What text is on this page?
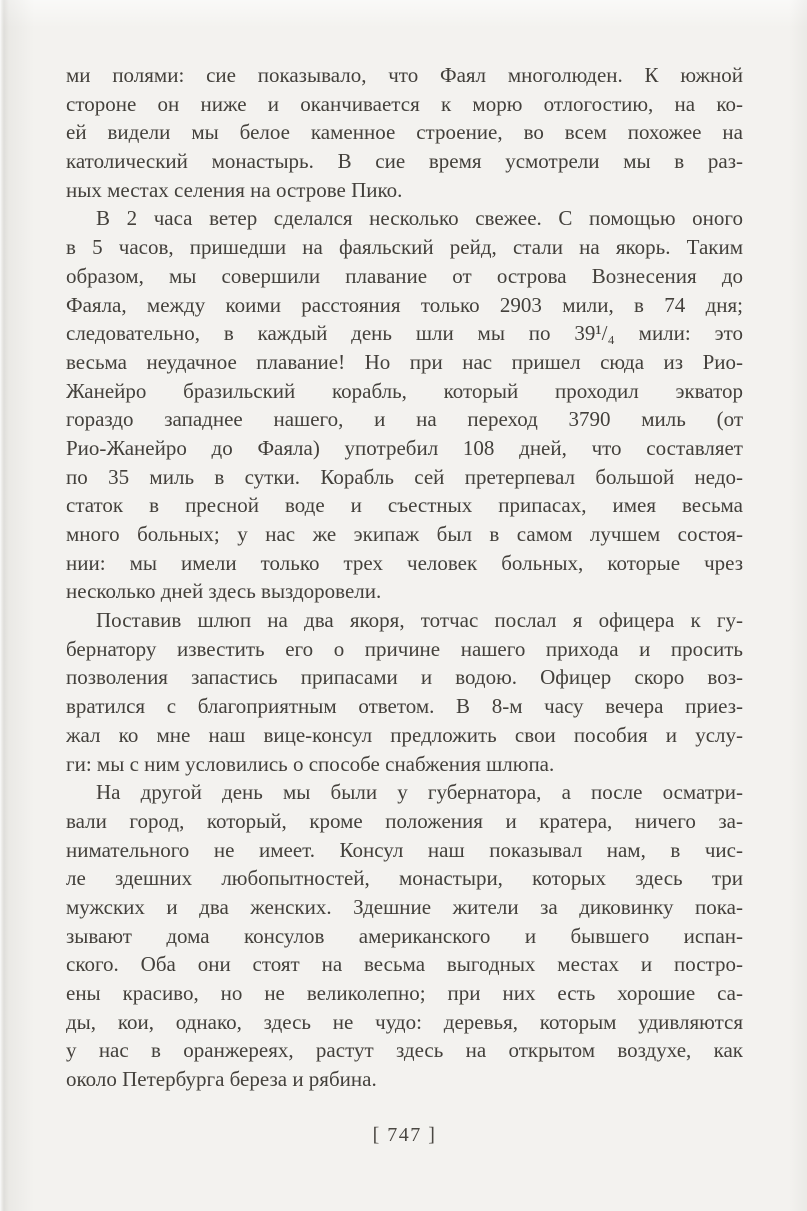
ми полями: сие показывало, что Фаял многолюден. К южной
стороне он ниже и оканчивается к морю отлогостию, на ко-
ей видели мы белое каменное строение, во всем похожее на
католический монастырь. В сие время усмотрели мы в раз-
ных местах селения на острове Пико.
В 2 часа ветер сделался несколько свежее. С помощью оного
в 5 часов, пришедши на фаяльский рейд, стали на якорь. Таким
образом, мы совершили плавание от острова Вознесения до
Фаяла, между коими расстояния только 2903 мили, в 74 дня;
следовательно, в каждый день шли мы по 39¹/₄ мили: это
весьма неудачное плавание! Но при нас пришел сюда из Рио-
Жанейро бразильский корабль, который проходил экватор
гораздо западнее нашего, и на переход 3790 миль (от
Рио-Жанейро до Фаяла) употребил 108 дней, что составляет
по 35 миль в сутки. Корабль сей претерпевал большой недо-
статок в пресной воде и съестных припасах, имея весьма
много больных; у нас же экипаж был в самом лучшем состоя-
нии: мы имели только трех человек больных, которые чрез
несколько дней здесь выздоровели.
Поставив шлюп на два якоря, тотчас послал я офицера к гу-
бернатору известить его о причине нашего прихода и просить
позволения запастись припасами и водою. Офицер скоро воз-
вратился с благоприятным ответом. В 8-м часу вечера приез-
жал ко мне наш вице-консул предложить свои пособия и услу-
ги: мы с ним условились о способе снабжения шлюпа.
На другой день мы были у губернатора, а после осматри-
вали город, который, кроме положения и кратера, ничего за-
нимательного не имеет. Консул наш показывал нам, в чис-
ле здешних любопытностей, монастыри, которых здесь три
мужских и два женских. Здешние жители за диковинку пока-
зывают дома консулов американского и бывшего испан-
ского. Оба они стоят на весьма выгодных местах и постро-
ены красиво, но не великолепно; при них есть хорошие са-
ды, кои, однако, здесь не чудо: деревья, которым удивляются
у нас в оранжереях, растут здесь на открытом воздухе, как
около Петербурга береза и рябина.
[ 747 ]
